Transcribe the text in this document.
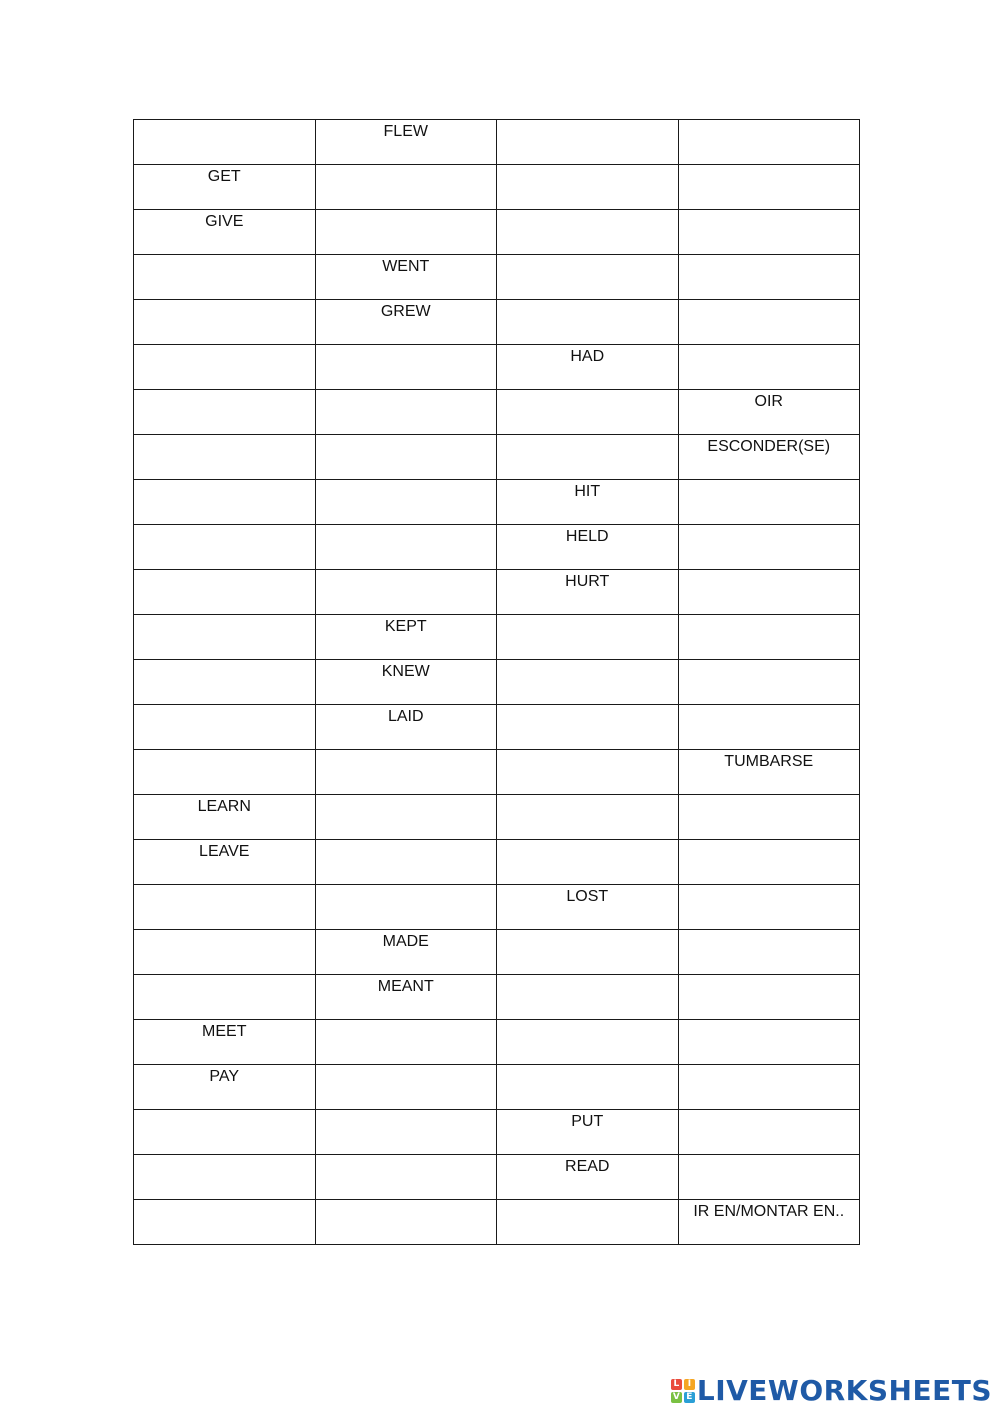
	FLEW		
GET			
GIVE			
	WENT		
	GREW		
		HAD	
			OIR
			ESCONDER(SE)
		HIT	
		HELD	
		HURT	
	KEPT		
	KNEW		
	LAID		
			TUMBARSE
LEARN			
LEAVE			
		LOST	
	MADE		
	MEANT		
MEET			
PAY			
		PUT	
		READ	
			IR EN/MONTAR EN..
L I
V E LIVEWORKSHEETS
